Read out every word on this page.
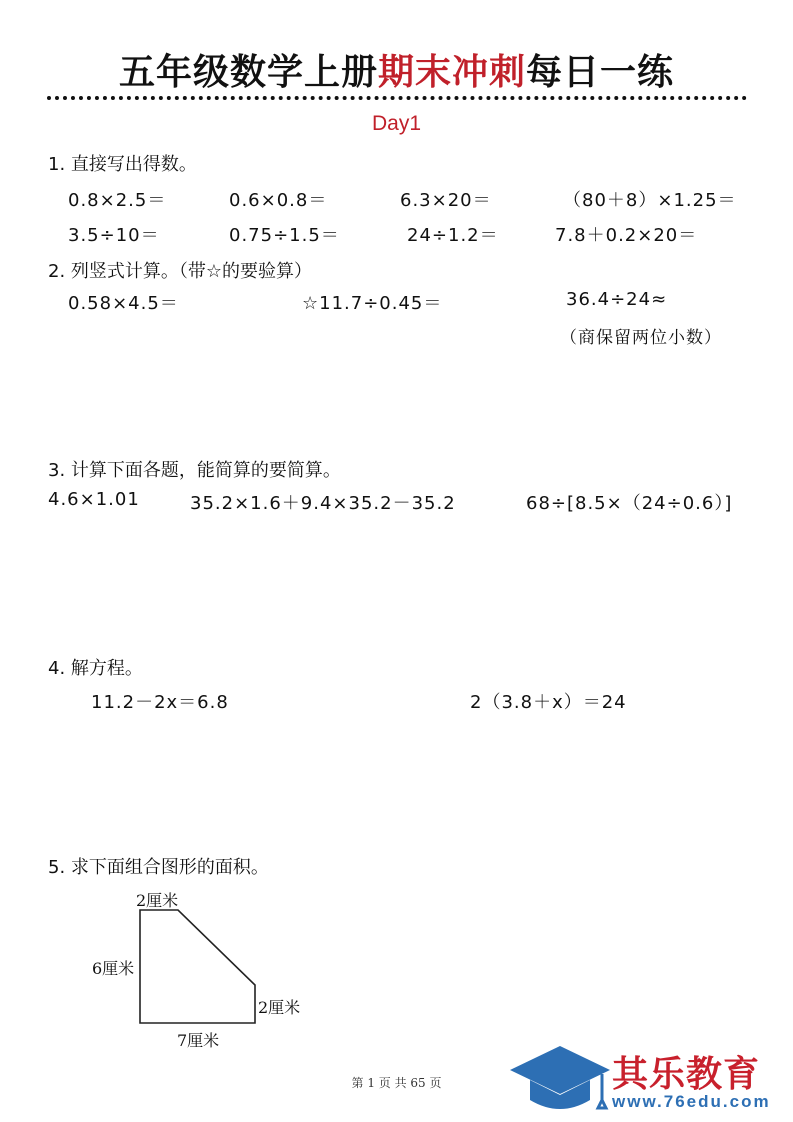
五年级数学上册期末冲刺每日一练
Day1
1. 直接写出得数。
0.8×2.5＝	0.6×0.8＝	6.3×20＝	（80＋8）×1.25＝
3.5÷10＝	0.75÷1.5＝	24÷1.2＝	7.8＋0.2×20＝
2. 列竖式计算。（带☆的要验算）
0.58×4.5＝	☆11.7÷0.45＝	36.4÷24≈
（商保留两位小数）
3. 计算下面各题，能简算的要简算。
4.6×1.01	35.2×1.6＋9.4×35.2－35.2	68÷[8.5×（24÷0.6）]
4. 解方程。
11.2－2x＝6.8	2（3.8＋x）＝24
5. 求下面组合图形的面积。
2厘米
6厘米
2厘米
7厘米
第 1 页 共 65 页	其乐教育
www.76edu.com
